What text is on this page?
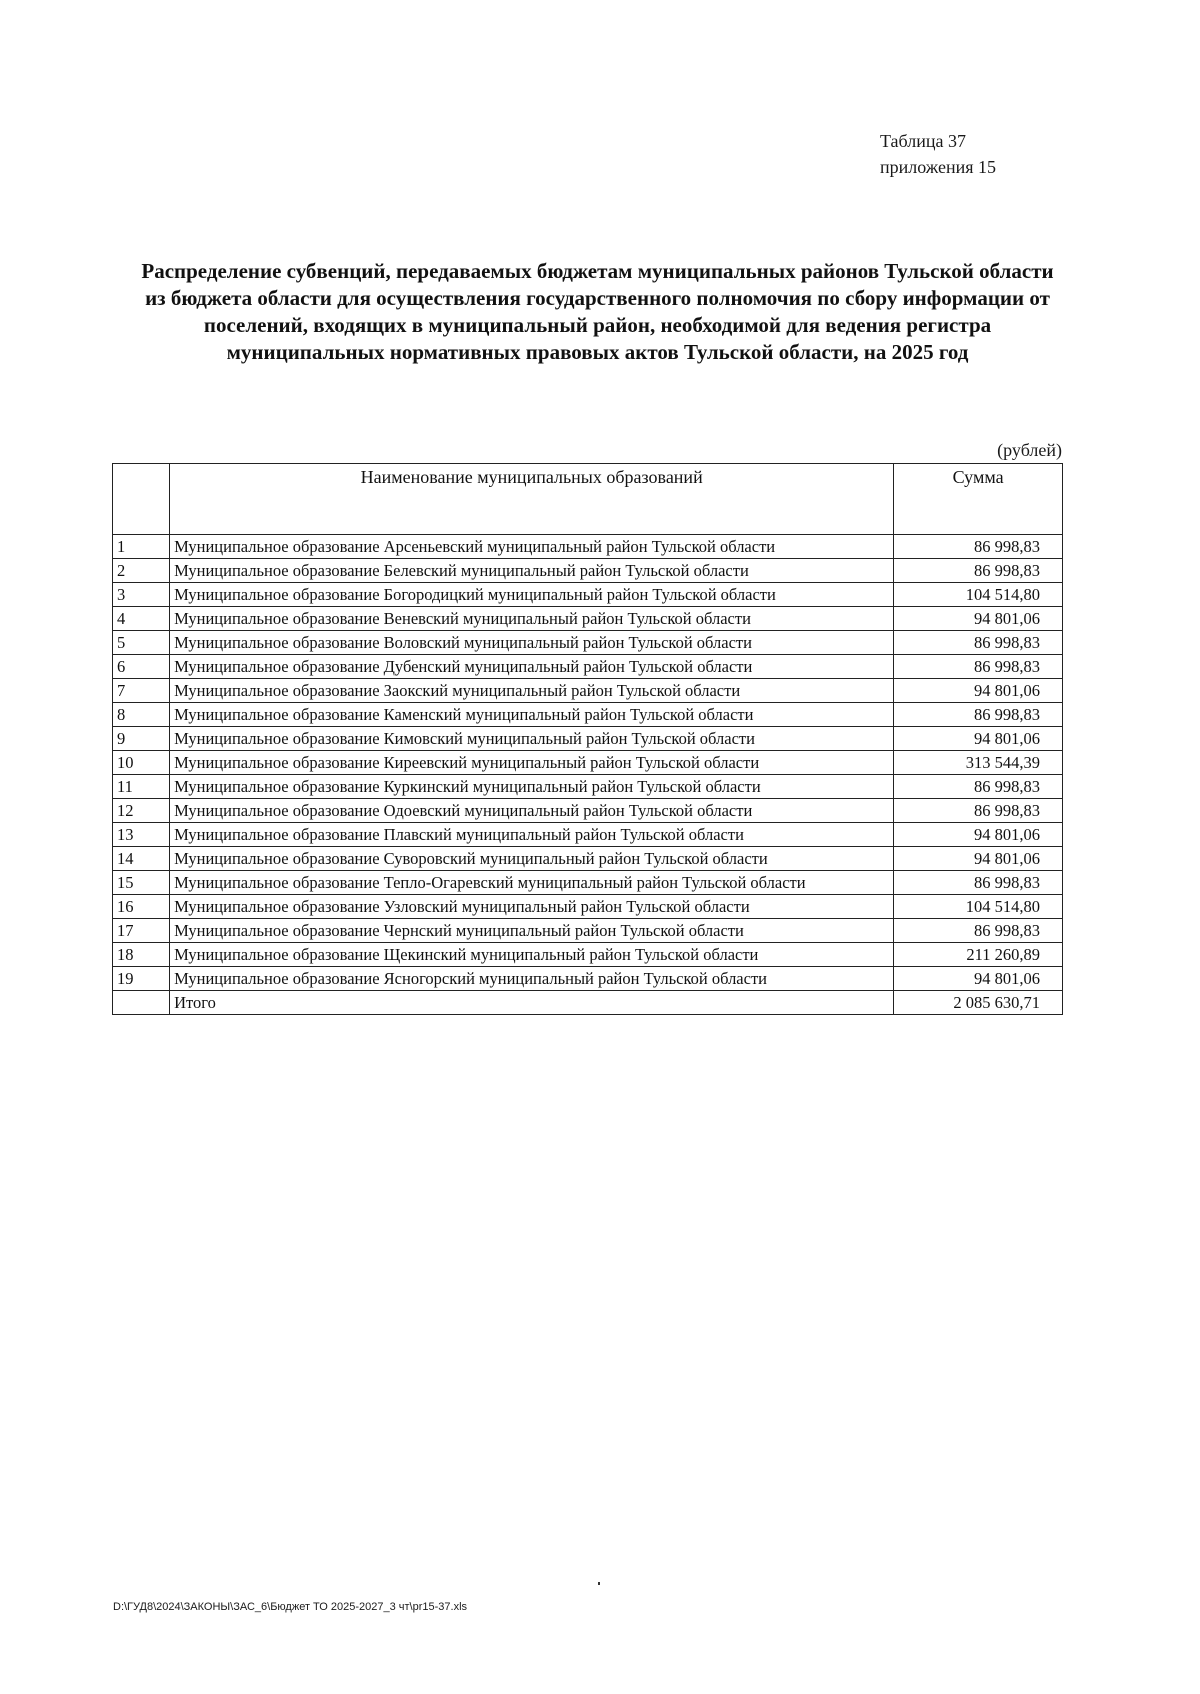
Таблица 37
приложения 15
Распределение субвенций, передаваемых бюджетам муниципальных районов Тульской области
из бюджета области для осуществления государственного полномочия по сбору информации от
поселений, входящих в муниципальный район, необходимой для ведения регистра
муниципальных нормативных правовых актов Тульской области, на 2025 год
(рублей)
	Наименование муниципальных образований	Сумма
1	Муниципальное образование Арсеньевский муниципальный район Тульской области	86 998,83
2	Муниципальное образование Белевский муниципальный район Тульской области	86 998,83
3	Муниципальное образование Богородицкий муниципальный район Тульской области	104 514,80
4	Муниципальное образование Веневский муниципальный район Тульской области	94 801,06
5	Муниципальное образование Воловский муниципальный район Тульской области	86 998,83
6	Муниципальное образование Дубенский муниципальный район Тульской области	86 998,83
7	Муниципальное образование Заокский муниципальный район Тульской области	94 801,06
8	Муниципальное образование Каменский муниципальный район Тульской области	86 998,83
9	Муниципальное образование Кимовский муниципальный район Тульской области	94 801,06
10	Муниципальное образование Киреевский муниципальный район Тульской области	313 544,39
11	Муниципальное образование Куркинский муниципальный район Тульской области	86 998,83
12	Муниципальное образование Одоевский муниципальный район Тульской области	86 998,83
13	Муниципальное образование Плавский муниципальный район Тульской области	94 801,06
14	Муниципальное образование Суворовский муниципальный район Тульской области	94 801,06
15	Муниципальное образование Тепло-Огаревский муниципальный район Тульской области	86 998,83
16	Муниципальное образование Узловский муниципальный район Тульской области	104 514,80
17	Муниципальное образование Чернский муниципальный район Тульской области	86 998,83
18	Муниципальное образование Щекинский муниципальный район Тульской области	211 260,89
19	Муниципальное образование Ясногорский муниципальный район Тульской области	94 801,06
	Итого	2 085 630,71
D:\ГУД8\2024\ЗАКОНЫ\ЗАС_6\Бюджет ТО 2025-2027_3 чт\pr15-37.xls
